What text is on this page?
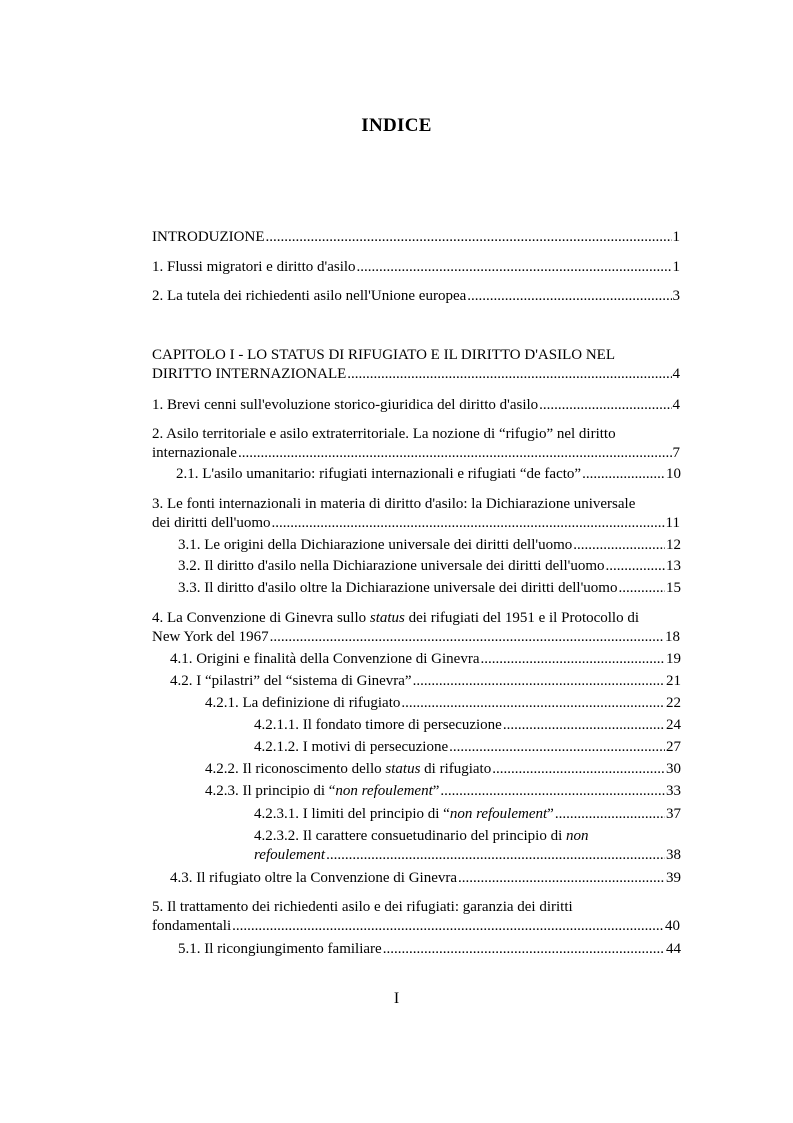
INDICE
INTRODUZIONE .....	1
1. Flussi migratori e diritto d'asilo .....	1
2. La tutela dei richiedenti asilo nell'Unione europea .....	3
CAPITOLO I - LO STATUS DI RIFUGIATO E IL DIRITTO D'ASILO NEL
DIRITTO INTERNAZIONALE .....	4
1. Brevi cenni sull'evoluzione storico-giuridica del diritto d'asilo .....	4
2. Asilo territoriale e asilo extraterritoriale. La nozione di “rifugio” nel diritto
internazionale .....	7
2.1. L'asilo umanitario: rifugiati internazionali e rifugiati “de facto” .....	10
3. Le fonti internazionali in materia di diritto d'asilo: la Dichiarazione universale
dei diritti dell'uomo .....	11
3.1. Le origini della Dichiarazione universale dei diritti dell'uomo .....	12
3.2. Il diritto d'asilo nella Dichiarazione universale dei diritti dell'uomo .....	13
3.3. Il diritto d'asilo oltre la Dichiarazione universale dei diritti dell'uomo .....	15
4. La Convenzione di Ginevra sullo status dei rifugiati del 1951 e il Protocollo di
New York del 1967 .....	18
4.1. Origini e finalità della Convenzione di Ginevra .....	19
4.2. I “pilastri” del “sistema di Ginevra” .....	21
4.2.1. La definizione di rifugiato .....	22
4.2.1.1. Il fondato timore di persecuzione .....	24
4.2.1.2. I motivi di persecuzione .....	27
4.2.2. Il riconoscimento dello status di rifugiato .....	30
4.2.3. Il principio di “non refoulement” .....	33
4.2.3.1. I limiti del principio di “non refoulement” .....	37
4.2.3.2. Il carattere consuetudinario del principio di non
refoulement .....	38
4.3. Il rifugiato oltre la Convenzione di Ginevra .....	39
5. Il trattamento dei richiedenti asilo e dei rifugiati: garanzia dei diritti
fondamentali .....	40
5.1. Il ricongiungimento familiare .....	44
I
